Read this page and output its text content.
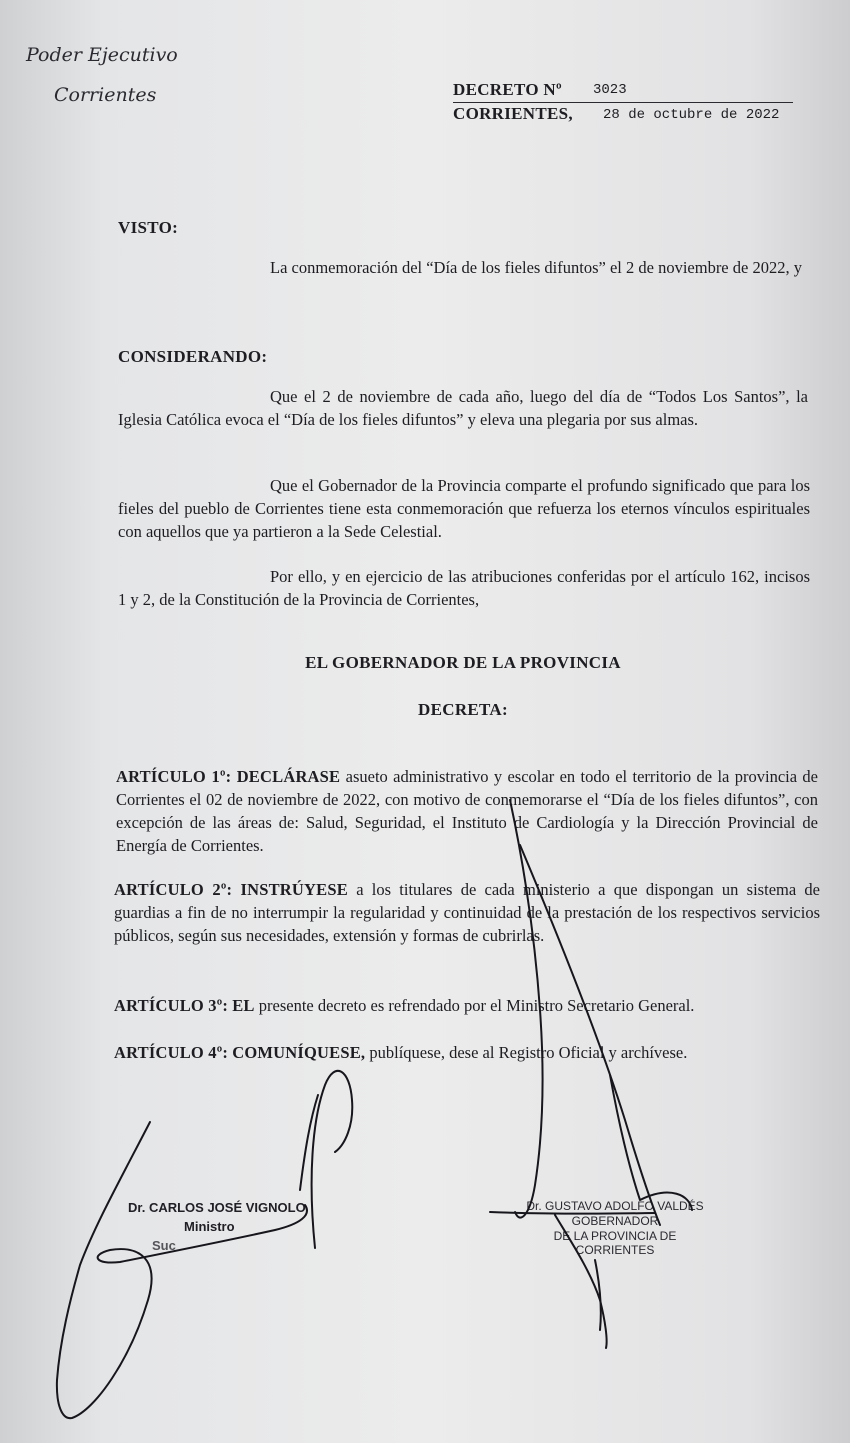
Poder Ejecutivo
Corrientes	DECRETO Nº 3023
CORRIENTES, 28 de octubre de 2022
VISTO:
La conmemoración del “Día de los fieles difuntos” el 2 de noviembre de 2022, y
CONSIDERANDO:
Que el 2 de noviembre de cada año, luego del día de “Todos Los Santos”, la Iglesia Católica evoca el “Día de los fieles difuntos” y eleva una plegaria por sus almas.
Que el Gobernador de la Provincia comparte el profundo significado que para los fieles del pueblo de Corrientes tiene esta conmemoración que refuerza los eternos vínculos espirituales con aquellos que ya partieron a la Sede Celestial.
Por ello, y en ejercicio de las atribuciones conferidas por el artículo 162, incisos 1 y 2, de la Constitución de la Provincia de Corrientes,
EL GOBERNADOR DE LA PROVINCIA
DECRETA:
ARTÍCULO 1º: DECLÁRASE asueto administrativo y escolar en todo el territorio de la provincia de Corrientes el 02 de noviembre de 2022, con motivo de conmemorarse el “Día de los fieles difuntos”, con excepción de las áreas de: Salud, Seguridad, el Instituto de Cardiología y la Dirección Provincial de Energía de Corrientes.
ARTÍCULO 2º: INSTRÚYESE a los titulares de cada ministerio a que dispongan un sistema de guardias a fin de no interrumpir la regularidad y continuidad de la prestación de los respectivos servicios públicos, según sus necesidades, extensión y formas de cubrirlas.
ARTÍCULO 3º: EL presente decreto es refrendado por el Ministro Secretario General.
ARTÍCULO 4º: COMUNÍQUESE, publíquese, dese al Registro Oficial y archívese.
Dr. CARLOS JOSÉ VIGNOLO
Ministro
Suc
Dr. GUSTAVO ADOLFO VALDÉS
GOBERNADOR
DE LA PROVINCIA DE CORRIENTES
